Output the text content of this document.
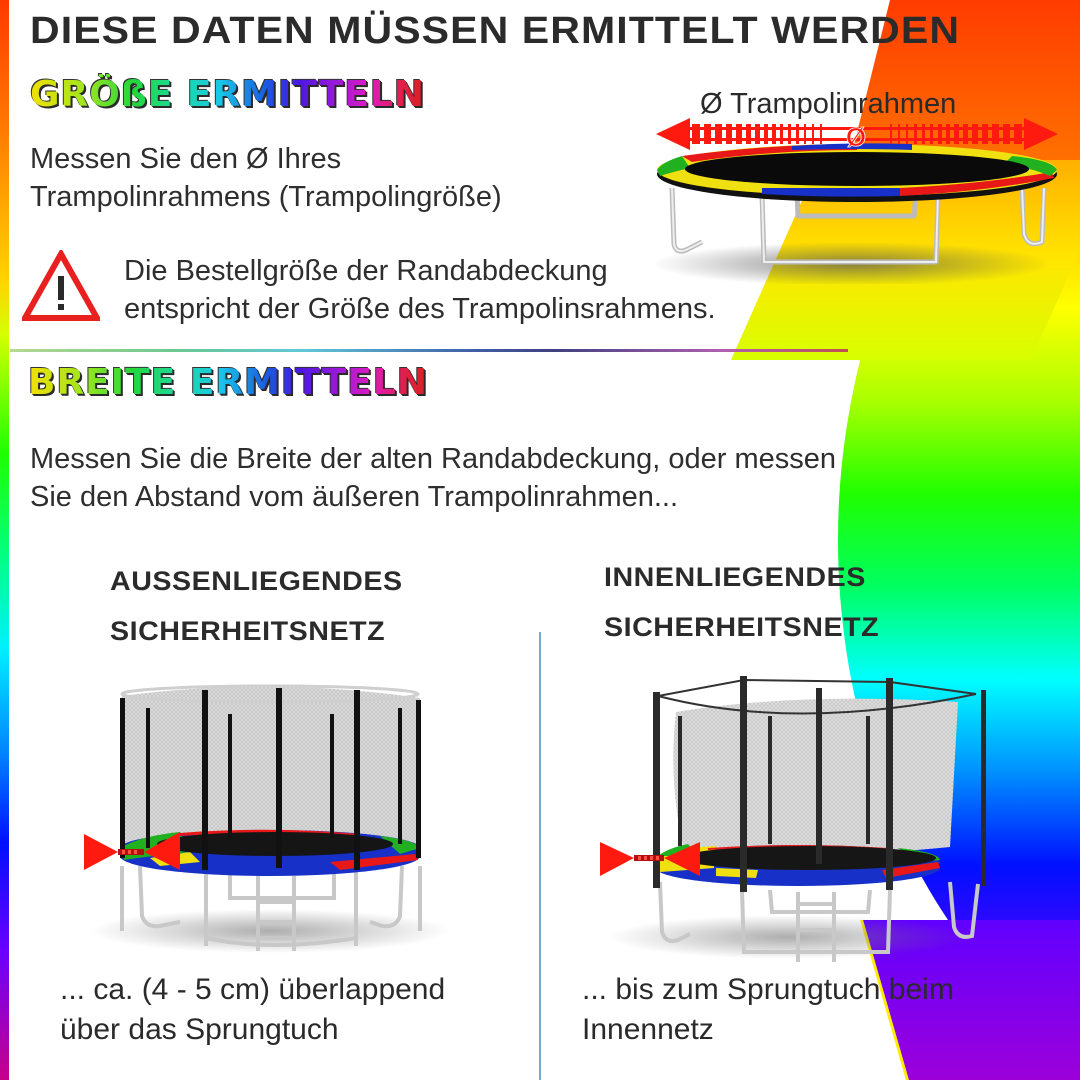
DIESE DATEN MÜSSEN ERMITTELT WERDEN
GRÖßE ERMITTELN
Messen Sie den Ø Ihres
Trampolinrahmens (Trampolingröße)
Ø
Ø Trampolinrahmen
Die Bestellgröße der Randabdeckung
entspricht der Größe des Trampolinsrahmens.
BREITE ERMITTELN
Messen Sie die Breite der alten Randabdeckung, oder messen
Sie den Abstand vom äußeren Trampolinrahmen...
AUSSENLIEGENDES
SICHERHEITSNETZ
INNENLIEGENDES
SICHERHEITSNETZ
... ca. (4 - 5 cm) überlappend
über das Sprungtuch
... bis zum Sprungtuch beim
Innennetz
